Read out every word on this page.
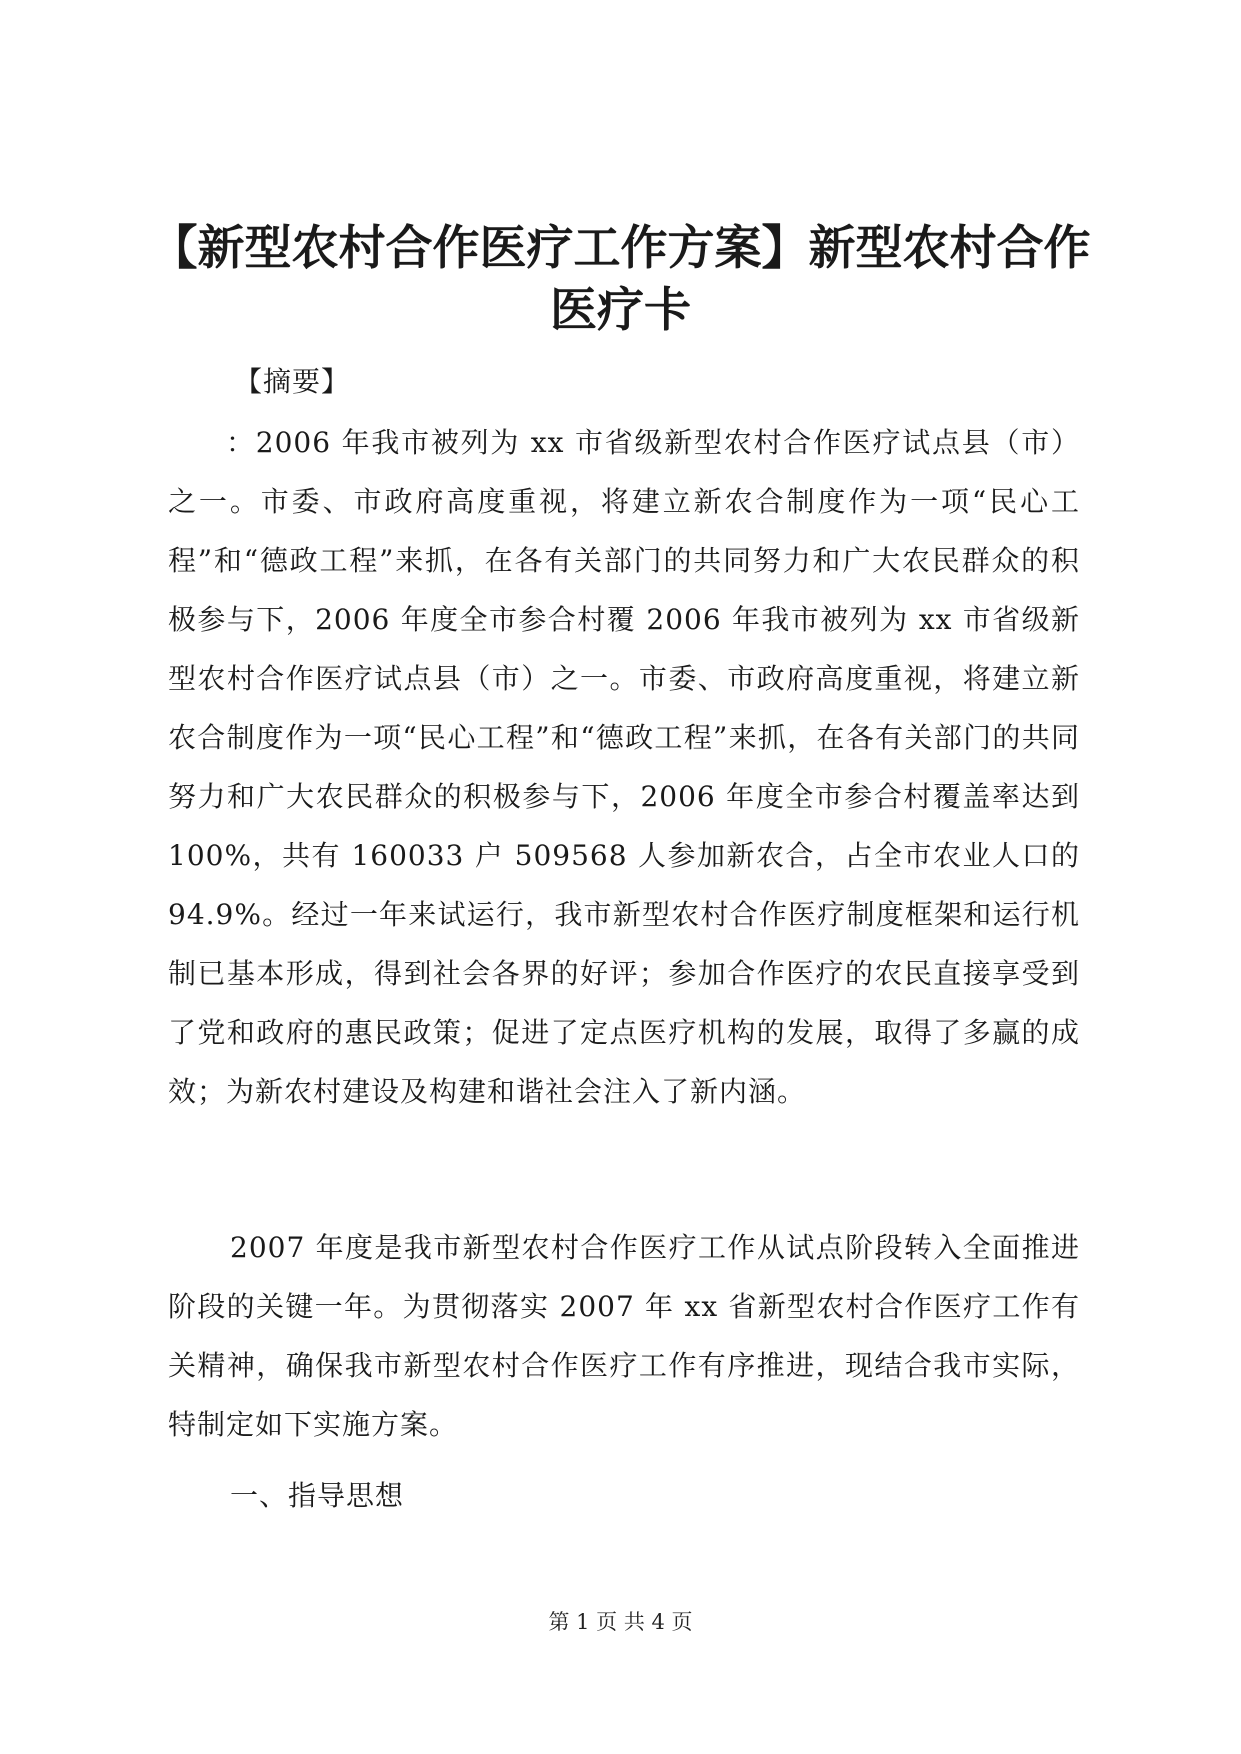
【新型农村合作医疗工作方案】新型农村合作
医疗卡

【摘要】

：2006 年我市被列为 xx 市省级新型农村合作医疗试点县（市）之一。市委、市政府高度重视，将建立新农合制度作为一项“民心工程”和“德政工程”来抓，在各有关部门的共同努力和广大农民群众的积极参与下，2006 年度全市参合村覆 2006 年我市被列为 xx 市省级新型农村合作医疗试点县（市）之一。市委、市政府高度重视，将建立新农合制度作为一项“民心工程”和“德政工程”来抓，在各有关部门的共同努力和广大农民群众的积极参与下，2006 年度全市参合村覆盖率达到 100%，共有 160033 户 509568 人参加新农合，占全市农业人口的 94.9%。经过一年来试运行，我市新型农村合作医疗制度框架和运行机制已基本形成，得到社会各界的好评；参加合作医疗的农民直接享受到了党和政府的惠民政策；促进了定点医疗机构的发展，取得了多赢的成效；为新农村建设及构建和谐社会注入了新内涵。

2007 年度是我市新型农村合作医疗工作从试点阶段转入全面推进阶段的关键一年。为贯彻落实 2007 年 xx 省新型农村合作医疗工作有关精神，确保我市新型农村合作医疗工作有序推进，现结合我市实际，特制定如下实施方案。

一、指导思想

第 1 页 共 4 页
